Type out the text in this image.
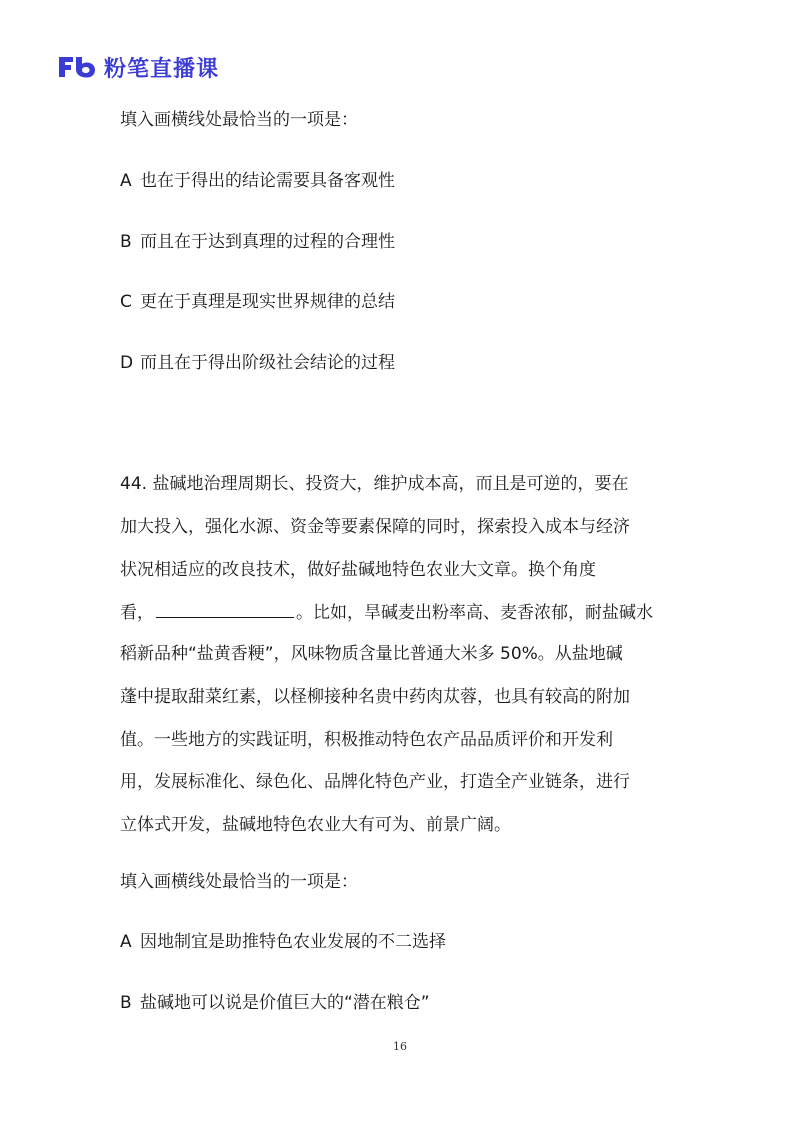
粉笔直播课
填入画横线处最恰当的一项是：
A 也在于得出的结论需要具备客观性
B 而且在于达到真理的过程的合理性
C 更在于真理是现实世界规律的总结
D 而且在于得出阶级社会结论的过程
44. 盐碱地治理周期长、投资大，维护成本高，而且是可逆的，要在
加大投入，强化水源、资金等要素保障的同时，探索投入成本与经济
状况相适应的改良技术，做好盐碱地特色农业大文章。换个角度
看，	。比如，旱碱麦出粉率高、麦香浓郁，耐盐碱水
稻新品种“盐黄香粳”，风味物质含量比普通大米多 50%。从盐地碱
蓬中提取甜菜红素，以柽柳接种名贵中药肉苁蓉，也具有较高的附加
值。一些地方的实践证明，积极推动特色农产品品质评价和开发利
用，发展标准化、绿色化、品牌化特色产业，打造全产业链条，进行
立体式开发，盐碱地特色农业大有可为、前景广阔。
填入画横线处最恰当的一项是：
A 因地制宜是助推特色农业发展的不二选择
B 盐碱地可以说是价值巨大的“潜在粮仓”
16
